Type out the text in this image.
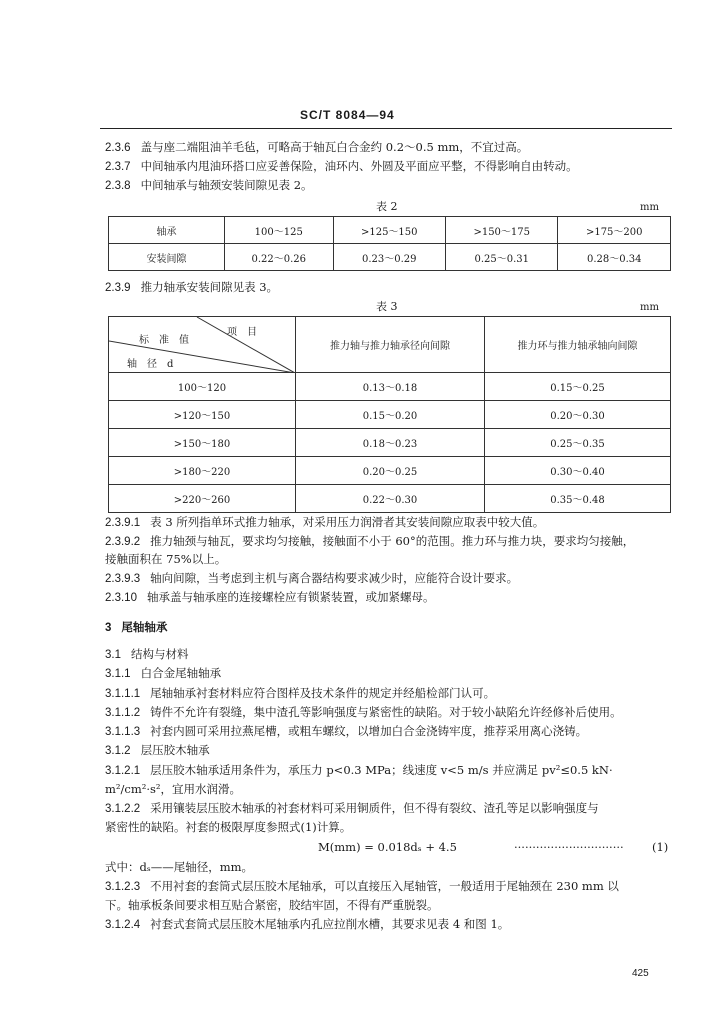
SC/T 8084—94
2.3.6 盖与座二端阻油羊毛毡，可略高于轴瓦白合金约 0.2～0.5 mm，不宜过高。
2.3.7 中间轴承内甩油环搭口应妥善保险，油环内、外圆及平面应平整，不得影响自由转动。
2.3.8 中间轴承与轴颈安装间隙见表 2。
表 2	mm
轴承	100～125	>125～150	>150～175	>175～200
安装间隙	0.22～0.26	0.23～0.29	0.25～0.31	0.28～0.34
2.3.9 推力轴承安装间隙见表 3。
表 3	mm
项　目
标　准　值
轴　径　d	推力轴与推力轴承径向间隙	推力环与推力轴承轴向间隙
100～120	0.13～0.18	0.15～0.25
>120～150	0.15～0.20	0.20～0.30
>150～180	0.18～0.23	0.25～0.35
>180～220	0.20～0.25	0.30～0.40
>220～260	0.22～0.30	0.35～0.48
2.3.9.1 表 3 所列指单环式推力轴承，对采用压力润滑者其安装间隙应取表中较大值。
2.3.9.2 推力轴颈与轴瓦，要求均匀接触，接触面不小于 60°的范围。推力环与推力块，要求均匀接触，
接触面积在 75%以上。
2.3.9.3 轴向间隙，当考虑到主机与离合器结构要求减少时，应能符合设计要求。
2.3.10 轴承盖与轴承座的连接螺栓应有锁紧装置，或加紧螺母。
3 尾轴轴承
3.1 结构与材料
3.1.1 白合金尾轴轴承
3.1.1.1 尾轴轴承衬套材料应符合图样及技术条件的规定并经船检部门认可。
3.1.1.2 铸件不允许有裂缝，集中渣孔等影响强度与紧密性的缺陷。对于较小缺陷允许经修补后使用。
3.1.1.3 衬套内圆可采用拉燕尾槽，或粗车螺纹，以增加白合金浇铸牢度，推荐采用离心浇铸。
3.1.2 层压胶木轴承
3.1.2.1 层压胶木轴承适用条件为，承压力 p<0.3 MPa；线速度 v<5 m/s 并应满足 pv²≤0.5 kN·
m²/cm²·s²，宜用水润滑。
3.1.2.2 采用镶装层压胶木轴承的衬套材料可采用铜质件，但不得有裂纹、渣孔等足以影响强度与
紧密性的缺陷。衬套的极限厚度参照式(1)计算。
M(mm) = 0.018dₛ + 4.5	······························ (1)
式中：dₛ——尾轴径，mm。
3.1.2.3 不用衬套的套筒式层压胶木尾轴承，可以直接压入尾轴管，一般适用于尾轴颈在 230 mm 以
下。轴承板条间要求相互贴合紧密，胶结牢固，不得有严重脱裂。
3.1.2.4 衬套式套筒式层压胶木尾轴承内孔应拉削水槽，其要求见表 4 和图 1。
425
